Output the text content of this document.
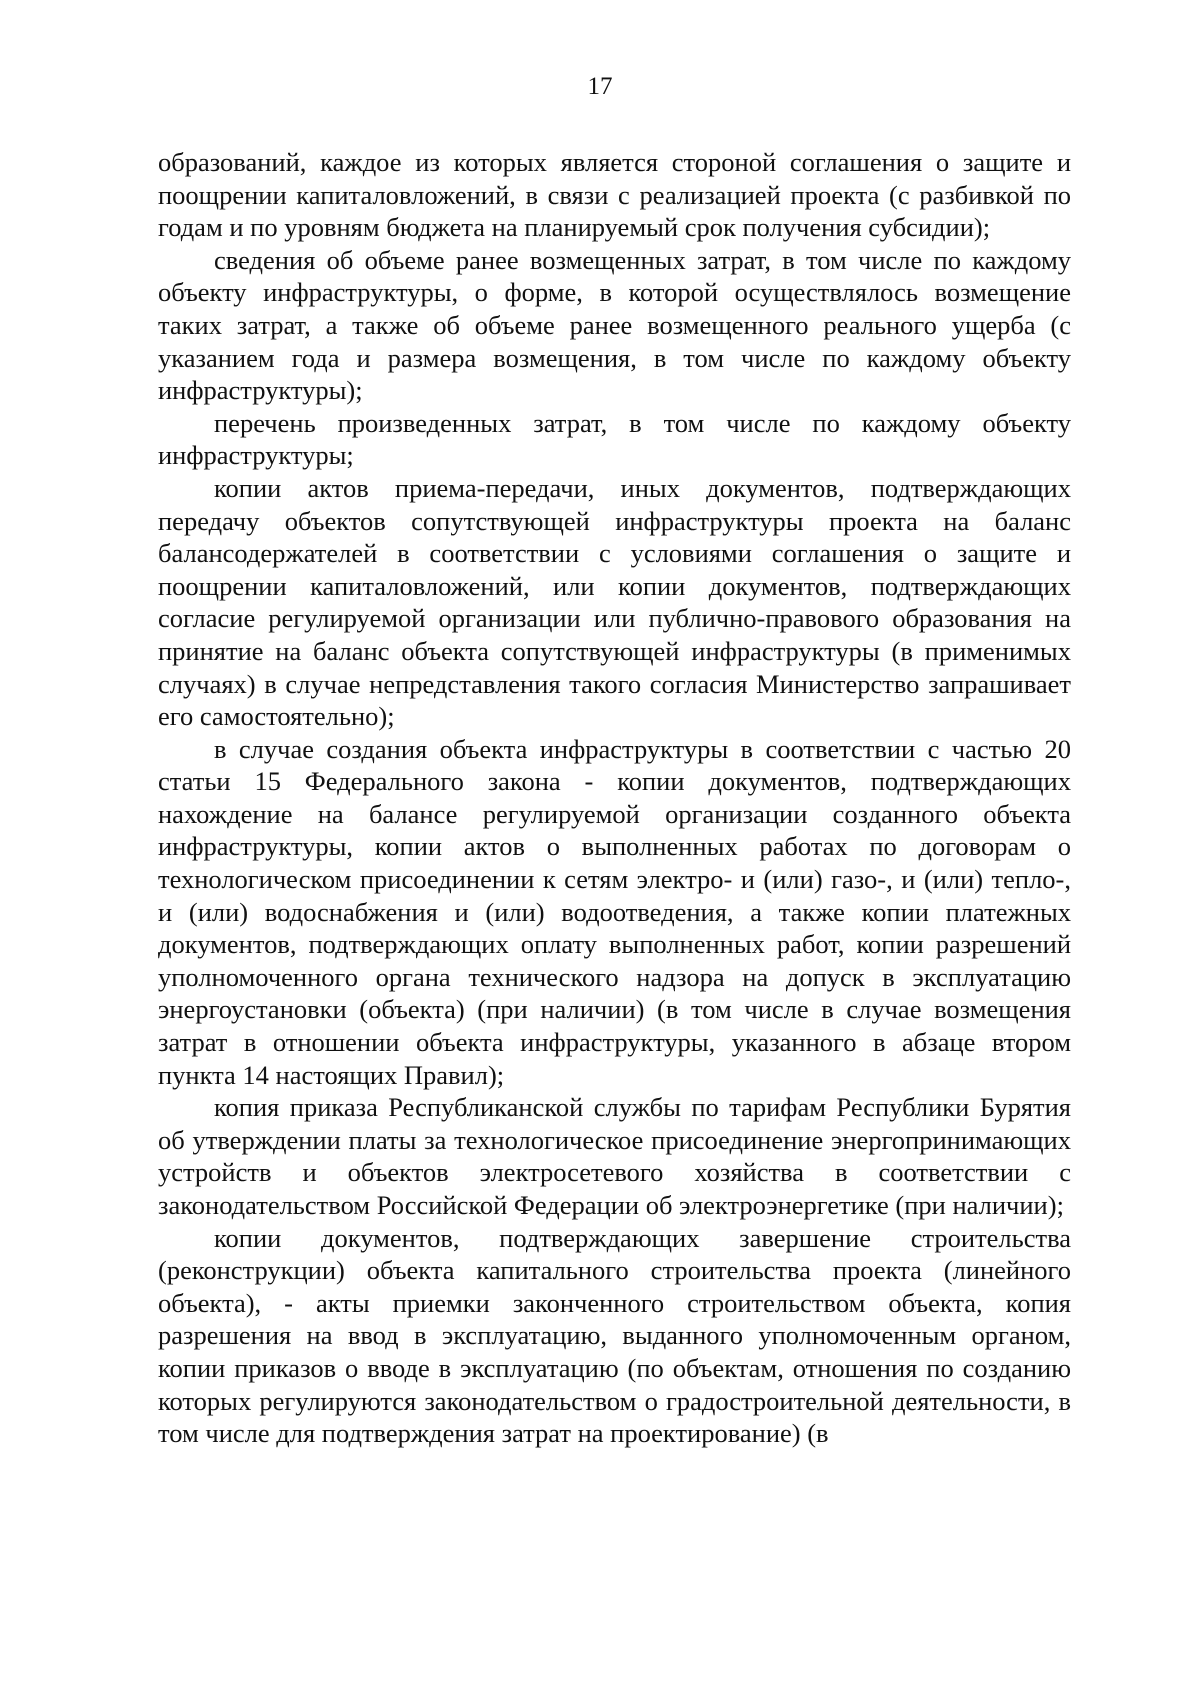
17

образований, каждое из которых является стороной соглашения о защите и поощрении капиталовложений, в связи с реализацией проекта (с разбивкой по годам и по уровням бюджета на планируемый срок получения субсидии);

сведения об объеме ранее возмещенных затрат, в том числе по каждому объекту инфраструктуры, о форме, в которой осуществлялось возмещение таких затрат, а также об объеме ранее возмещенного реального ущерба (с указанием года и размера возмещения, в том числе по каждому объекту инфраструктуры);

перечень произведенных затрат, в том числе по каждому объекту инфраструктуры;

копии актов приема-передачи, иных документов, подтверждающих передачу объектов сопутствующей инфраструктуры проекта на баланс балансодержателей в соответствии с условиями соглашения о защите и поощрении капиталовложений, или копии документов, подтверждающих согласие регулируемой организации или публично-правового образования на принятие на баланс объекта сопутствующей инфраструктуры (в применимых случаях) в случае непредставления такого согласия Министерство запрашивает его самостоятельно);

в случае создания объекта инфраструктуры в соответствии с частью 20 статьи 15 Федерального закона - копии документов, подтверждающих нахождение на балансе регулируемой организации созданного объекта инфраструктуры, копии актов о выполненных работах по договорам о технологическом присоединении к сетям электро- и (или) газо-, и (или) тепло-, и (или) водоснабжения и (или) водоотведения, а также копии платежных документов, подтверждающих оплату выполненных работ, копии разрешений уполномоченного органа технического надзора на допуск в эксплуатацию энергоустановки (объекта) (при наличии) (в том числе в случае возмещения затрат в отношении объекта инфраструктуры, указанного в абзаце втором пункта 14 настоящих Правил);

копия приказа Республиканской службы по тарифам Республики Бурятия об утверждении платы за технологическое присоединение энергопринимающих устройств и объектов электросетевого хозяйства в соответствии с законодательством Российской Федерации об электроэнергетике (при наличии);

копии документов, подтверждающих завершение строительства (реконструкции) объекта капитального строительства проекта (линейного объекта), - акты приемки законченного строительством объекта, копия разрешения на ввод в эксплуатацию, выданного уполномоченным органом, копии приказов о вводе в эксплуатацию (по объектам, отношения по созданию которых регулируются законодательством о градостроительной деятельности, в том числе для подтверждения затрат на проектирование) (в
